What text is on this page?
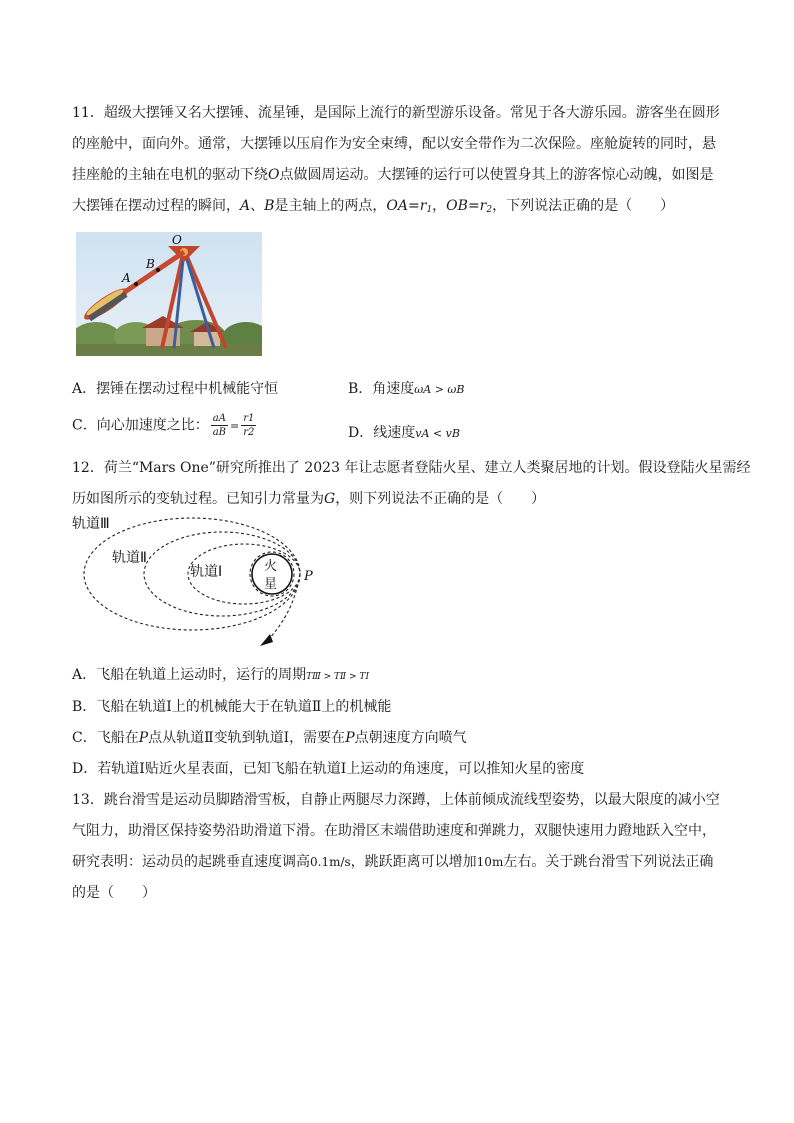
11．超级大摆锤又名大摆锤、流星锤，是国际上流行的新型游乐设备。常见于各大游乐园。游客坐在圆形
的座舱中，面向外。通常，大摆锤以压肩作为安全束缚，配以安全带作为二次保险。座舱旋转的同时，悬
挂座舱的主轴在电机的驱动下绕O点做圆周运动。大摆锤的运行可以使置身其上的游客惊心动魄，如图是
大摆锤在摆动过程的瞬间，A、B是主轴上的两点，OA=r1，OB=r2，下列说法正确的是（　　）
A
B
O
A．摆锤在摆动过程中机械能守恒	B．角速度ωA > ωB
C．向心加速度之比： $\frac{aA}{aB} = \frac{r1}{r2}$	D．线速度vA < vB
12．荷兰“Mars One”研究所推出了 2023 年让志愿者登陆火星、建立人类聚居地的计划。假设登陆火星需经
历如图所示的变轨过程。已知引力常量为G，则下列说法不正确的是（　　）
轨道Ⅲ
轨道Ⅱ
轨道Ⅰ	火
星
P
A．飞船在轨道上运动时，运行的周期TⅢ > TⅡ > TⅠ
B．飞船在轨道Ⅰ上的机械能大于在轨道Ⅱ上的机械能
C．飞船在P点从轨道Ⅱ变轨到轨道Ⅰ，需要在P点朝速度方向喷气
D．若轨道Ⅰ贴近火星表面，已知飞船在轨道Ⅰ上运动的角速度，可以推知火星的密度
13．跳台滑雪是运动员脚踏滑雪板，自静止两腿尽力深蹲，上体前倾成流线型姿势，以最大限度的减小空
气阻力，助滑区保持姿势沿助滑道下滑。在助滑区末端借助速度和弹跳力，双腿快速用力蹬地跃入空中，
研究表明：运动员的起跳垂直速度调高0.1m/s，跳跃距离可以增加10m左右。关于跳台滑雪下列说法正确
的是（　　）
